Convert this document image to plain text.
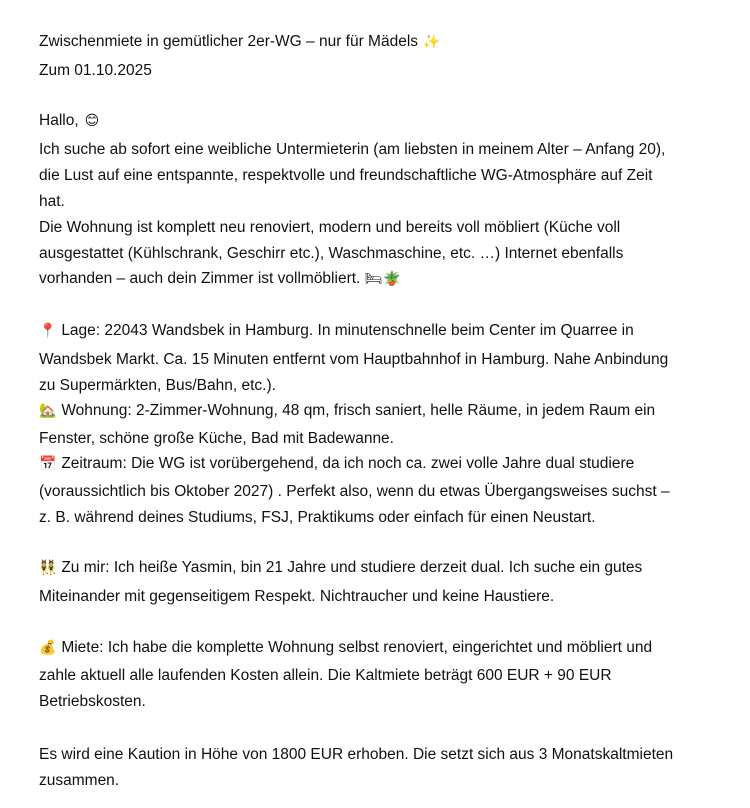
Zwischenmiete in gemütlicher 2er-WG – nur für Mädels ✨
Zum 01.10.2025
Hallo, 😊
Ich suche ab sofort eine weibliche Untermieterin (am liebsten in meinem Alter – Anfang 20),
die Lust auf eine entspannte, respektvolle und freundschaftliche WG-Atmosphäre auf Zeit
hat.
Die Wohnung ist komplett neu renoviert, modern und bereits voll möbliert (Küche voll
ausgestattet (Kühlschrank, Geschirr etc.), Waschmaschine, etc. …) Internet ebenfalls
vorhanden – auch dein Zimmer ist vollmöbliert. 🛏🪴
📍 Lage: 22043 Wandsbek in Hamburg. In minutenschnelle beim Center im Quarree in
Wandsbek Markt. Ca. 15 Minuten entfernt vom Hauptbahnhof in Hamburg. Nahe Anbindung
zu Supermärkten, Bus/Bahn, etc.).
🏡 Wohnung: 2-Zimmer-Wohnung, 48 qm, frisch saniert, helle Räume, in jedem Raum ein
Fenster, schöne große Küche, Bad mit Badewanne.
📅 Zeitraum: Die WG ist vorübergehend, da ich noch ca. zwei volle Jahre dual studiere
(voraussichtlich bis Oktober 2027) . Perfekt also, wenn du etwas Übergangsweises suchst –
z. B. während deines Studiums, FSJ, Praktikums oder einfach für einen Neustart.
👯 Zu mir: Ich heiße Yasmin, bin 21 Jahre und studiere derzeit dual. Ich suche ein gutes
Miteinander mit gegenseitigem Respekt. Nichtraucher und keine Haustiere.
💰 Miete: Ich habe die komplette Wohnung selbst renoviert, eingerichtet und möbliert und
zahle aktuell alle laufenden Kosten allein. Die Kaltmiete beträgt 600 EUR + 90 EUR
Betriebskosten.
Es wird eine Kaution in Höhe von 1800 EUR erhoben. Die setzt sich aus 3 Monatskaltmieten
zusammen.
